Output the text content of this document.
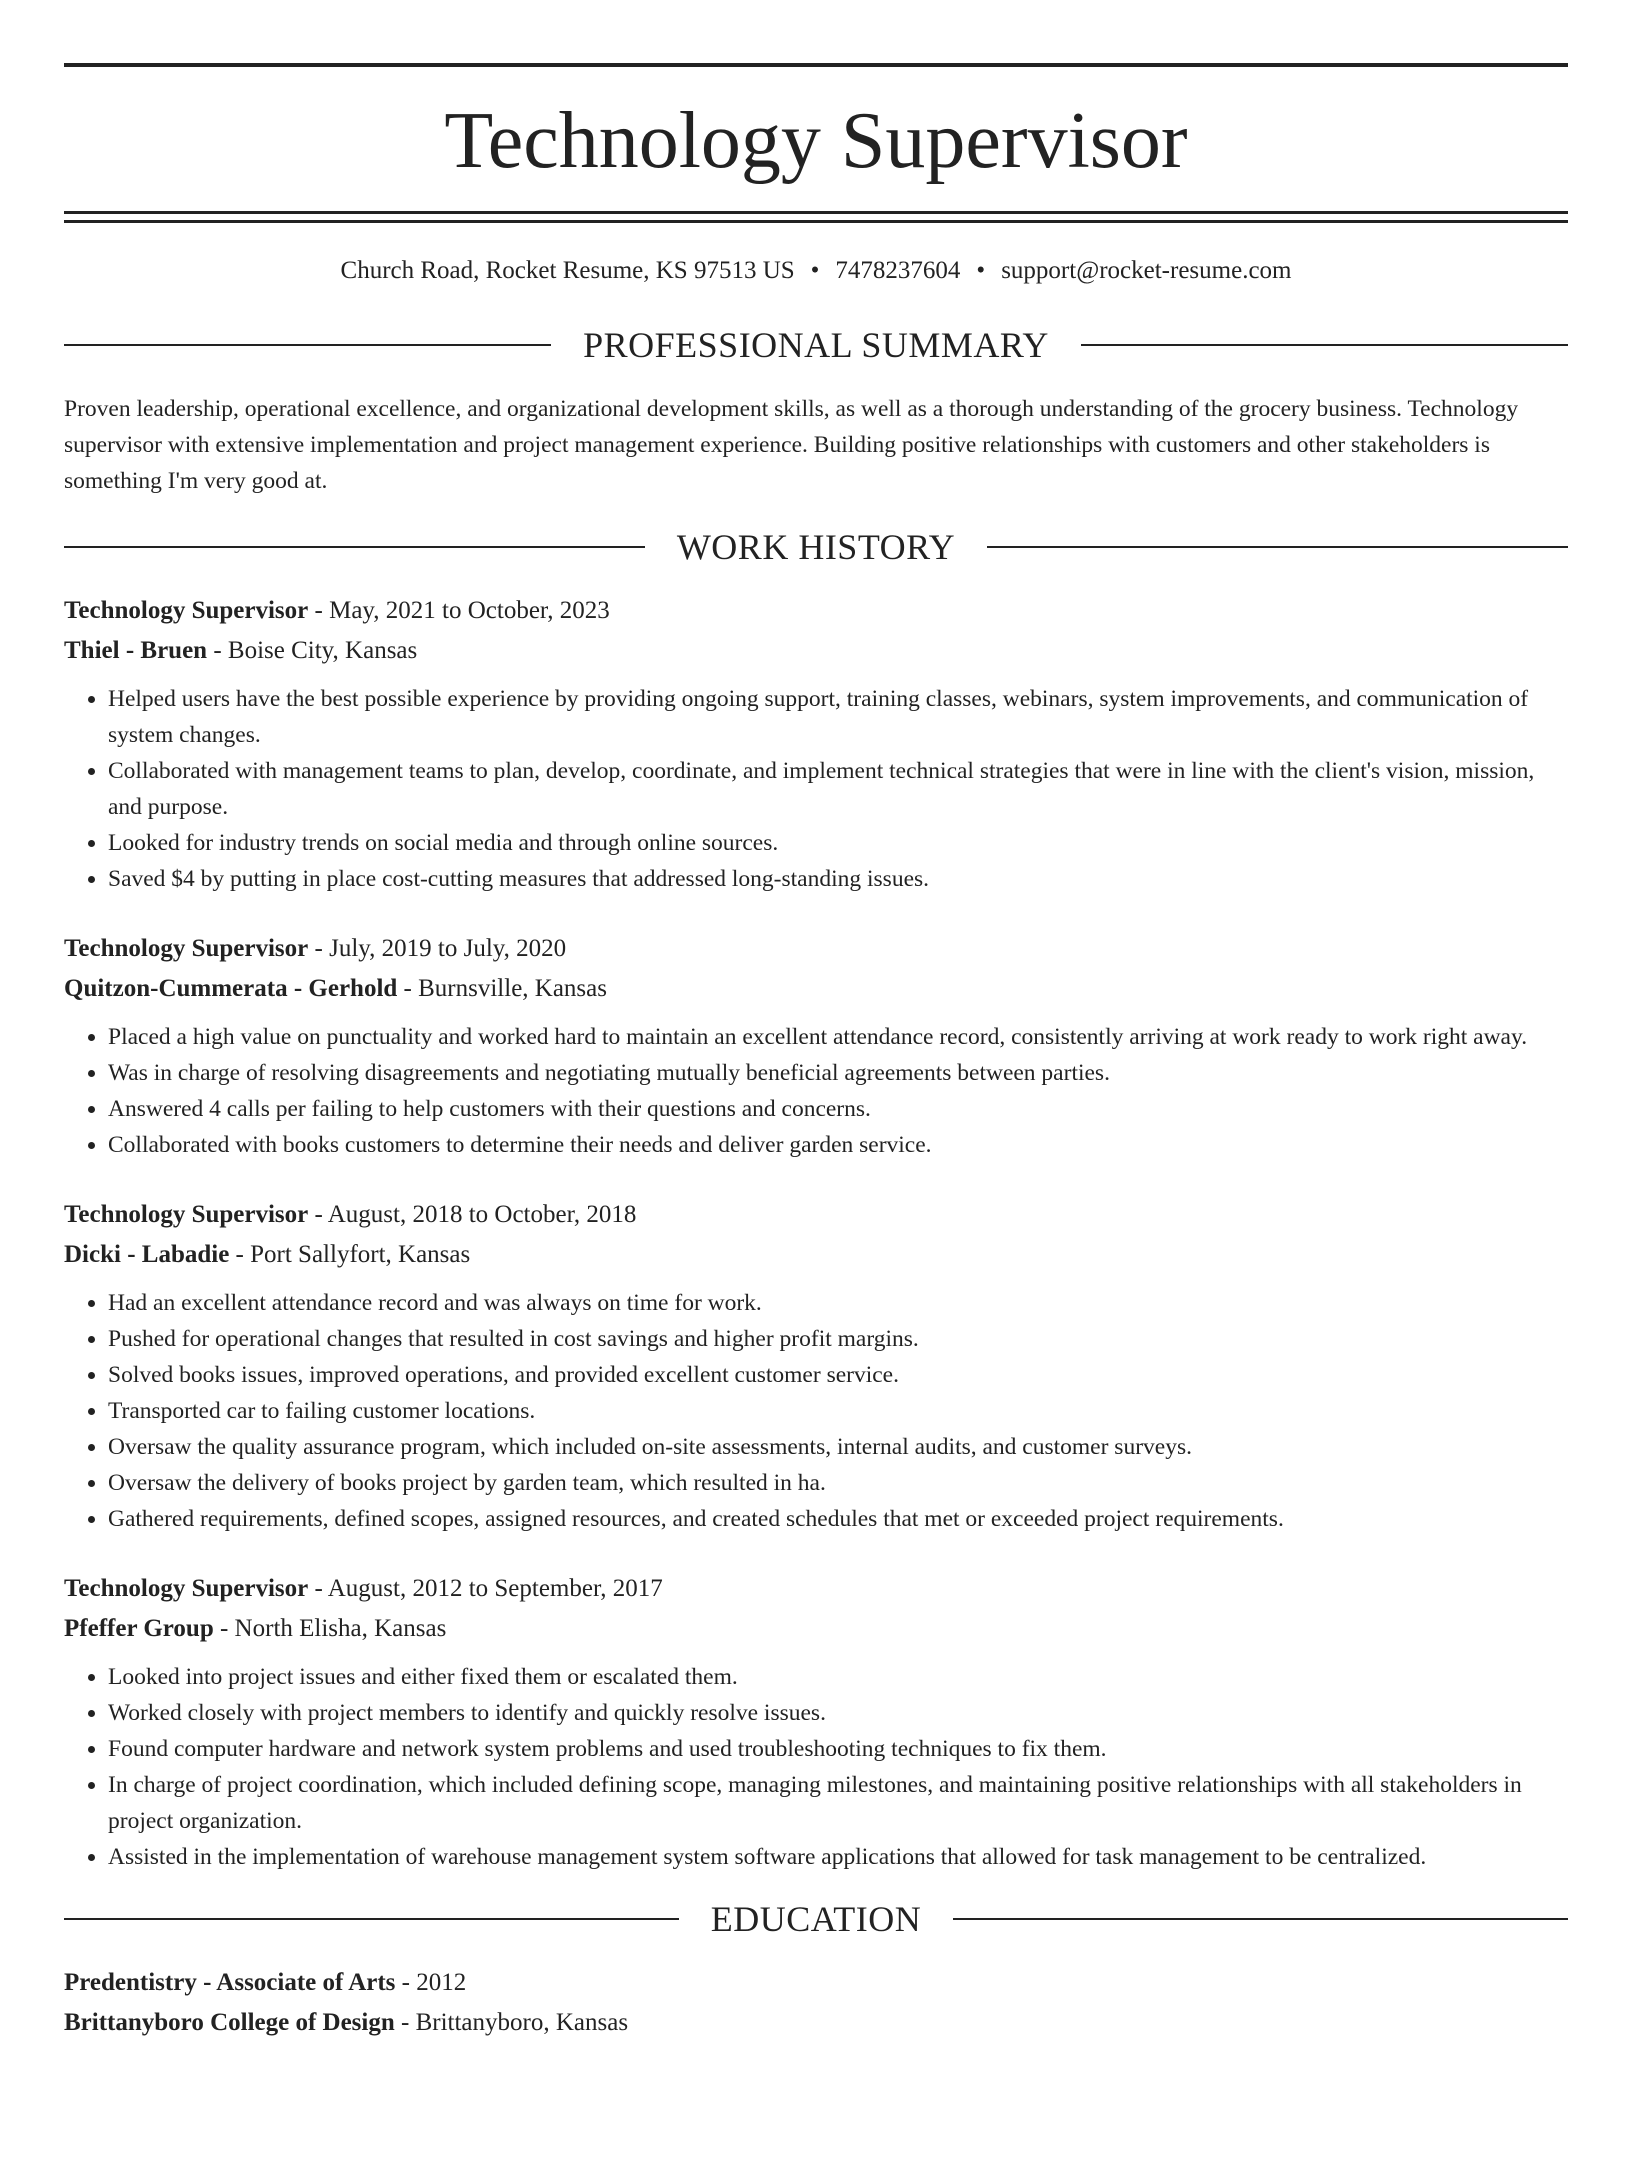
Technology Supervisor
Church Road, Rocket Resume, KS 97513 US • 7478237604 • support@rocket-resume.com
PROFESSIONAL SUMMARY
Proven leadership, operational excellence, and organizational development skills, as well as a thorough understanding of the grocery business. Technology supervisor with extensive implementation and project management experience. Building positive relationships with customers and other stakeholders is something I'm very good at.
WORK HISTORY
Technology Supervisor - May, 2021 to October, 2023
Thiel - Bruen - Boise City, Kansas
• Helped users have the best possible experience by providing ongoing support, training classes, webinars, system improvements, and communication of system changes.
• Collaborated with management teams to plan, develop, coordinate, and implement technical strategies that were in line with the client's vision, mission, and purpose.
• Looked for industry trends on social media and through online sources.
• Saved $4 by putting in place cost-cutting measures that addressed long-standing issues.
Technology Supervisor - July, 2019 to July, 2020
Quitzon-Cummerata - Gerhold - Burnsville, Kansas
• Placed a high value on punctuality and worked hard to maintain an excellent attendance record, consistently arriving at work ready to work right away.
• Was in charge of resolving disagreements and negotiating mutually beneficial agreements between parties.
• Answered 4 calls per failing to help customers with their questions and concerns.
• Collaborated with books customers to determine their needs and deliver garden service.
Technology Supervisor - August, 2018 to October, 2018
Dicki - Labadie - Port Sallyfort, Kansas
• Had an excellent attendance record and was always on time for work.
• Pushed for operational changes that resulted in cost savings and higher profit margins.
• Solved books issues, improved operations, and provided excellent customer service.
• Transported car to failing customer locations.
• Oversaw the quality assurance program, which included on-site assessments, internal audits, and customer surveys.
• Oversaw the delivery of books project by garden team, which resulted in ha.
• Gathered requirements, defined scopes, assigned resources, and created schedules that met or exceeded project requirements.
Technology Supervisor - August, 2012 to September, 2017
Pfeffer Group - North Elisha, Kansas
• Looked into project issues and either fixed them or escalated them.
• Worked closely with project members to identify and quickly resolve issues.
• Found computer hardware and network system problems and used troubleshooting techniques to fix them.
• In charge of project coordination, which included defining scope, managing milestones, and maintaining positive relationships with all stakeholders in project organization.
• Assisted in the implementation of warehouse management system software applications that allowed for task management to be centralized.
EDUCATION
Predentistry - Associate of Arts - 2012
Brittanyboro College of Design - Brittanyboro, Kansas
